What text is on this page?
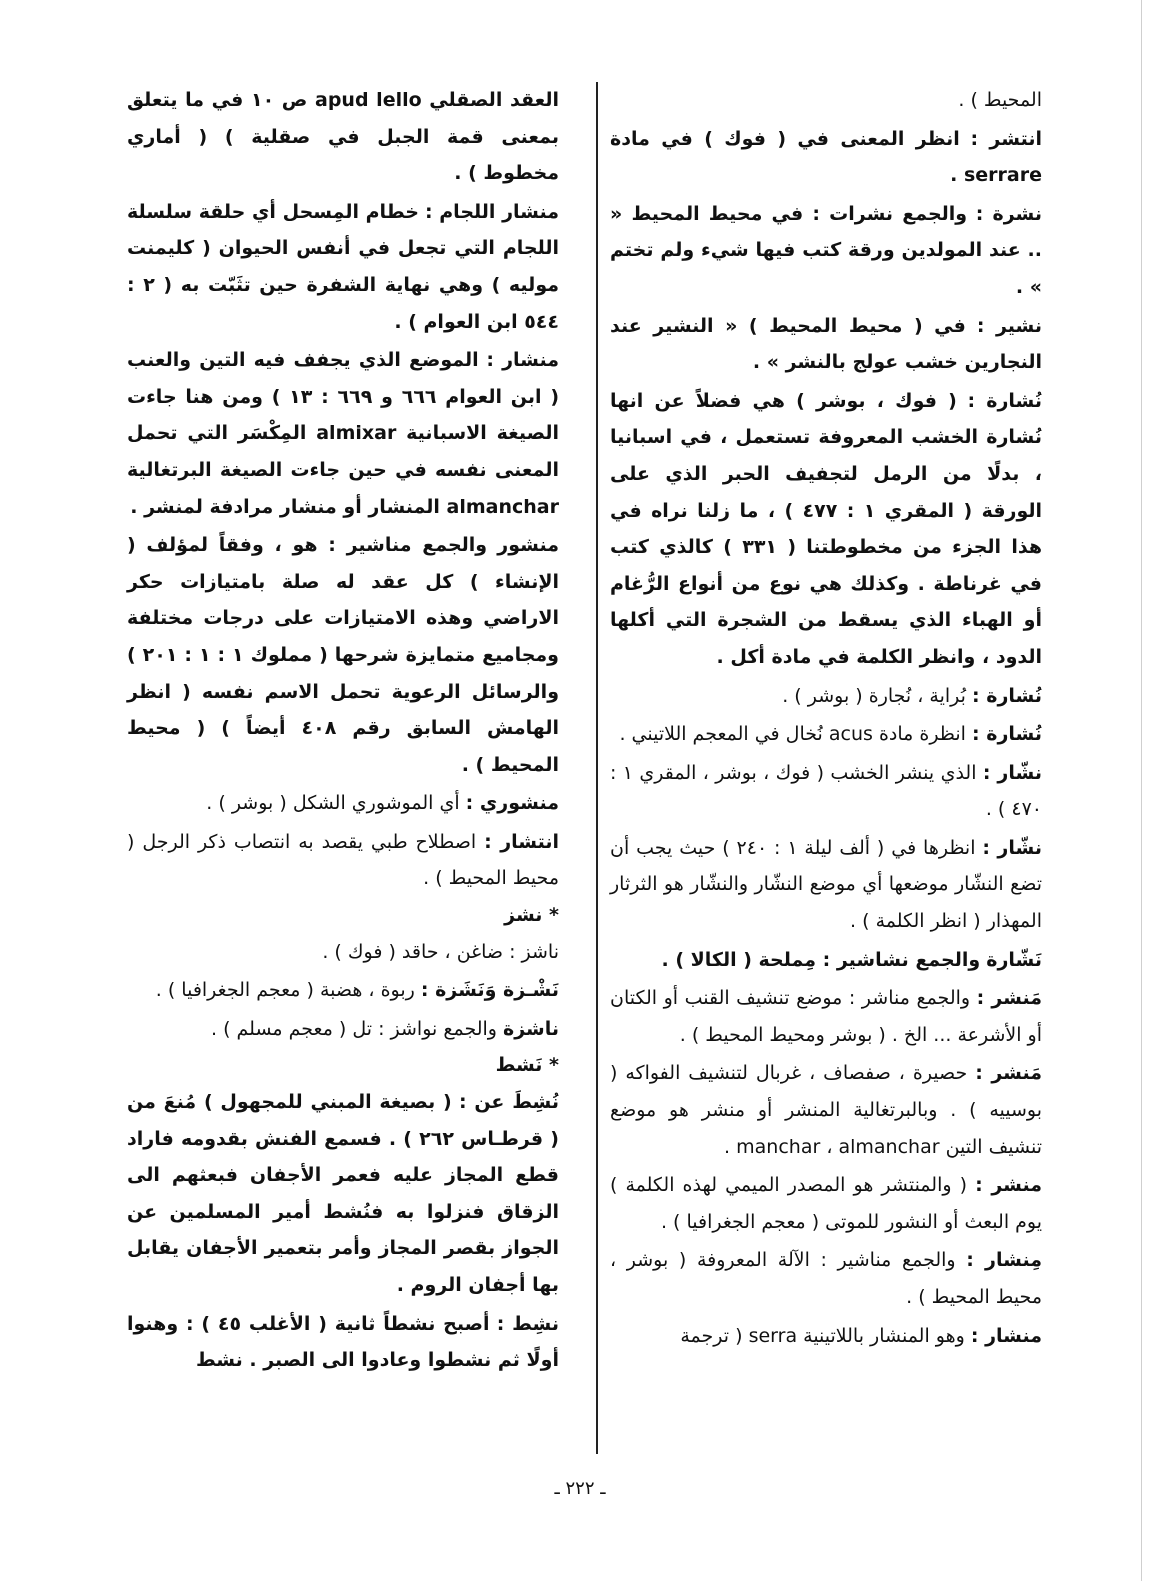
المحيط ) .

انتشر : انظر المعنى في ( فوك ) في مادة serrare .

نشرة : والجمع نشرات : في محيط المحيط « .. عند المولدين ورقة كتب فيها شيء ولم تختم » .

نشير : في ( محيط المحيط ) « النشير عند النجارين خشب عولج بالنشر » .

نُشارة : ( فوك ، بوشر ) هي فضلاً عن انها نُشارة الخشب المعروفة تستعمل ، في اسبانيا ، بدلًا من الرمل لتجفيف الحبر الذي على الورقة ( المقري ١ : ٤٧٧ ) ، ما زلنا نراه في هذا الجزء من مخطوطتنا ( ٣٣١ ) كالذي كتب في غرناطة . وكذلك هي نوع من أنواع الرُّغام أو الهباء الذي يسقط من الشجرة التي أكلها الدود ، وانظر الكلمة في مادة أكل .

نُشارة : بُراية ، نُجارة ( بوشر ) .

نُشارة : انظرة مادة acus نُخال في المعجم اللاتيني .

نشّار : الذي ينشر الخشب ( فوك ، بوشر ، المقري ١ : ٤٧٠ ) .

نشّار : انظرها في ( ألف ليلة ١ : ٢٤٠ ) حيث يجب أن تضع النشّار موضعها أي موضع النشّار والنشّار هو الثرثار المهذار ( انظر الكلمة ) .

نَشّارة والجمع نشاشير : مِملحة ( الكالا ) .

مَنشر : والجمع مناشر : موضع تنشيف القنب أو الكتان أو الأشرعة ... الخ . ( بوشر ومحيط المحيط ) .

مَنشر : حصيرة ، صفصاف ، غربال لتنشيف الفواكه ( بوسييه ) . وبالبرتغالية المنشر أو منشر هو موضع تنشيف التين manchar ، almanchar .

منشر : ( والمنتشر هو المصدر الميمي لهذه الكلمة ) يوم البعث أو النشور للموتى ( معجم الجغرافيا ) .

مِنشار : والجمع مناشير : الآلة المعروفة ( بوشر ، محيط المحيط ) .

منشار : وهو المنشار باللاتينية serra ( ترجمة

العقد الصقلي apud lello ص ١٠ في ما يتعلق بمعنى قمة الجبل في صقلية ) ( أماري مخطوط ) .

منشار اللجام : خطام المِسحل أي حلقة سلسلة اللجام التي تجعل في أنفس الحيوان ( كليمنت موليه ) وهي نهاية الشفرة حين تثَبّت به ( ٢ : ٥٤٤ ابن العوام ) .

منشار : الموضع الذي يجفف فيه التين والعنب ( ابن العوام ٦٦٦ و ٦٦٩ : ١٣ ) ومن هنا جاءت الصيغة الاسبانية almixar المِكْسَر التي تحمل المعنى نفسه في حين جاءت الصيغة البرتغالية almanchar المنشار أو منشار مرادفة لمنشر .

منشور والجمع مناشير : هو ، وفقاً لمؤلف ( الإنشاء ) كل عقد له صلة بامتيازات حكر الاراضي وهذه الامتيازات على درجات مختلفة ومجاميع متمايزة شرحها ( مملوك ١ : ١ : ٢٠١ ) والرسائل الرعوية تحمل الاسم نفسه ( انظر الهامش السابق رقم ٤٠٨ أيضاً ) ( محيط المحيط ) .

منشوري : أي الموشوري الشكل ( بوشر ) .

انتشار : اصطلاح طبي يقصد به انتصاب ذكر الرجل ( محيط المحيط ) .

* نشز

ناشز : ضاغن ، حاقد ( فوك ) .

نَشْـزة وَنَشَزة : ربوة ، هضبة ( معجم الجغرافيا ) .

ناشزة والجمع نواشز : تل ( معجم مسلم ) .

* نَشط

نُشِطَ عن : ( بصيغة المبني للمجهول ) مُنعَ من ( قرطـاس ٢٦٢ ) . فسمع الفنش بقدومه فاراد قطع المجاز عليه فعمر الأجفان فبعثهم الى الزقاق فنزلوا به فنُشط أمير المسلمين عن الجواز بقصر المجاز وأمر بتعمير الأجفان يقابل بها أجفان الروم .

نشِط : أصبح نشطاً ثانية ( الأغلب ٤٥ ) : وهنوا أولًا ثم نشطوا وعادوا الى الصبر . نشط

ـ ٢٢٢ ـ
